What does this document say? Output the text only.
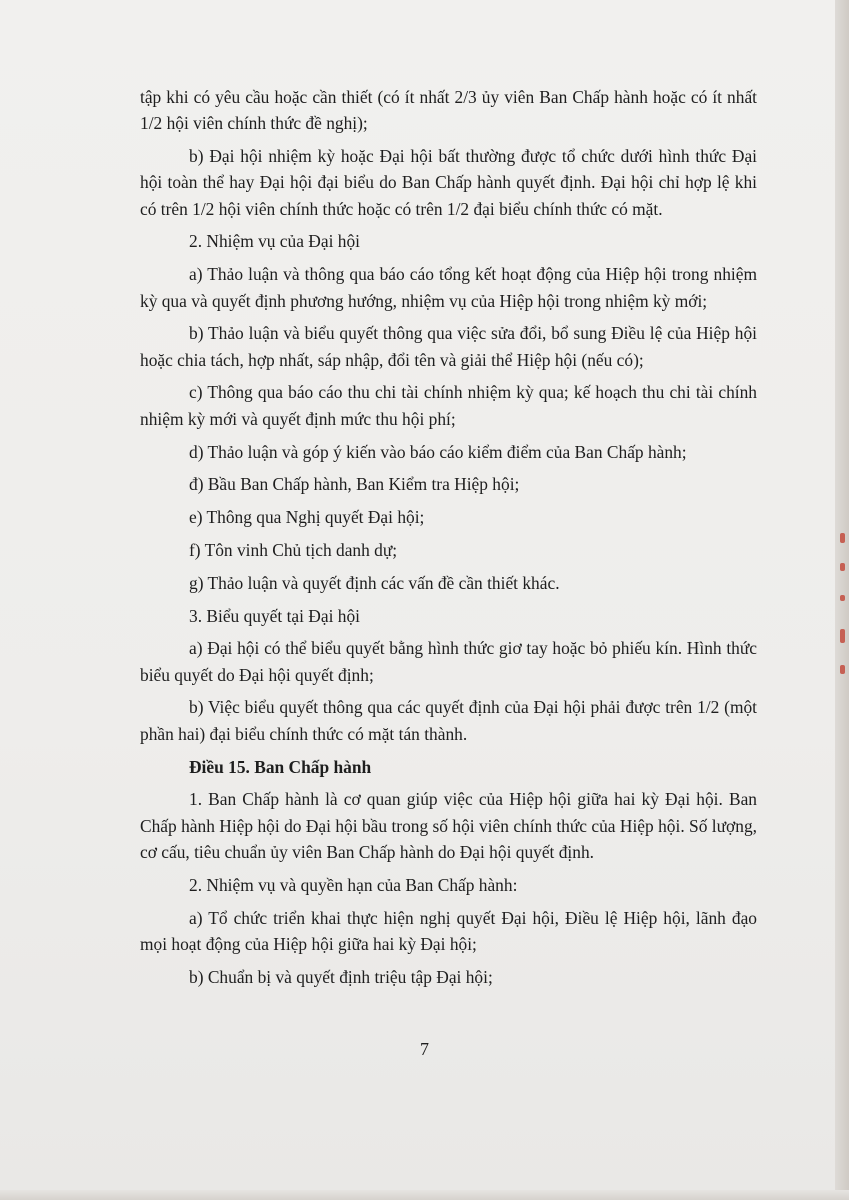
tập khi có yêu cầu hoặc cần thiết (có ít nhất 2/3 ủy viên Ban Chấp hành hoặc có ít nhất 1/2 hội viên chính thức đề nghị);

b) Đại hội nhiệm kỳ hoặc Đại hội bất thường được tổ chức dưới hình thức Đại hội toàn thể hay Đại hội đại biểu do Ban Chấp hành quyết định. Đại hội chỉ hợp lệ khi có trên 1/2 hội viên chính thức hoặc có trên 1/2 đại biểu chính thức có mặt.

2. Nhiệm vụ của Đại hội

a) Thảo luận và thông qua báo cáo tổng kết hoạt động của Hiệp hội trong nhiệm kỳ qua và quyết định phương hướng, nhiệm vụ của Hiệp hội trong nhiệm kỳ mới;

b) Thảo luận và biểu quyết thông qua việc sửa đổi, bổ sung Điều lệ của Hiệp hội hoặc chia tách, hợp nhất, sáp nhập, đổi tên và giải thể Hiệp hội (nếu có);

c) Thông qua báo cáo thu chi tài chính nhiệm kỳ qua; kế hoạch thu chi tài chính nhiệm kỳ mới và quyết định mức thu hội phí;

d) Thảo luận và góp ý kiến vào báo cáo kiểm điểm của Ban Chấp hành;

đ) Bầu Ban Chấp hành, Ban Kiểm tra Hiệp hội;

e) Thông qua Nghị quyết Đại hội;

f) Tôn vinh Chủ tịch danh dự;

g) Thảo luận và quyết định các vấn đề cần thiết khác.

3. Biểu quyết tại Đại hội

a) Đại hội có thể biểu quyết bằng hình thức giơ tay hoặc bỏ phiếu kín. Hình thức biểu quyết do Đại hội quyết định;

b) Việc biểu quyết thông qua các quyết định của Đại hội phải được trên 1/2 (một phần hai) đại biểu chính thức có mặt tán thành.

Điều 15. Ban Chấp hành

1. Ban Chấp hành là cơ quan giúp việc của Hiệp hội giữa hai kỳ Đại hội. Ban Chấp hành Hiệp hội do Đại hội bầu trong số hội viên chính thức của Hiệp hội. Số lượng, cơ cấu, tiêu chuẩn ủy viên Ban Chấp hành do Đại hội quyết định.

2. Nhiệm vụ và quyền hạn của Ban Chấp hành:

a) Tổ chức triển khai thực hiện nghị quyết Đại hội, Điều lệ Hiệp hội, lãnh đạo mọi hoạt động của Hiệp hội giữa hai kỳ Đại hội;

b) Chuẩn bị và quyết định triệu tập Đại hội;

7
